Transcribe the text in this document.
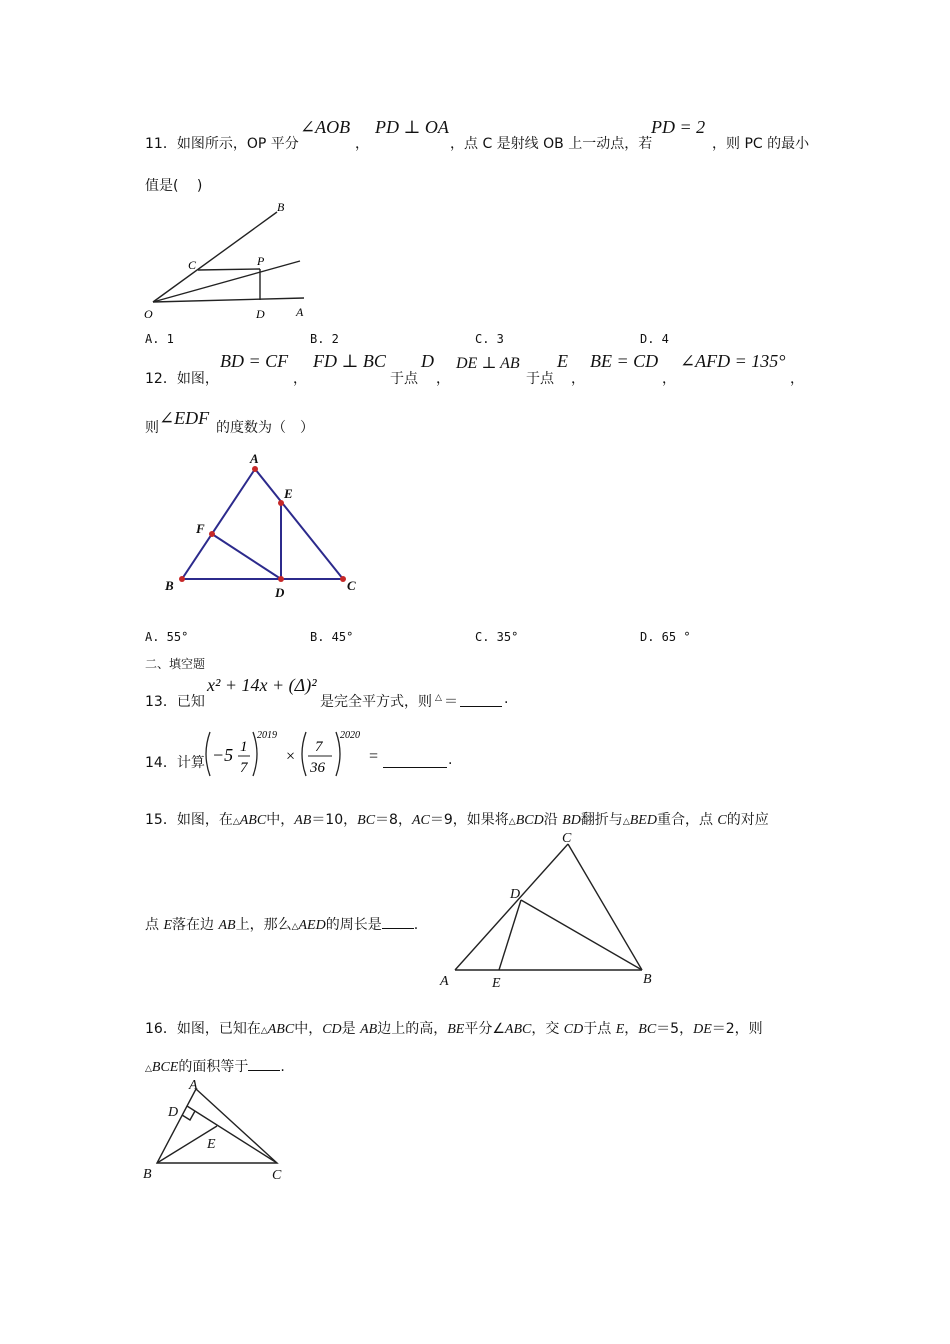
11．如图所示，OP 平分
∠AOB
，
PD ⊥ OA
，点 C 是射线 OB 上一动点，若
PD = 2
，则 PC 的最小
值是(　 )
B
C	P
O	D	A
A. 1	B. 2	C. 3	D. 4
12．如图，
BD = CF
，
FD ⊥ BC
于点
D
，
DE ⊥ AB
于点
E
，
BE = CD
，
∠AFD = 135°
，
则 ∠EDF 的度数为（　）
A
E
F
B	D	C
A. 55°	B. 45°	C. 35°	D. 65 °
二、填空题
13．已知
x² + 14x + (Δ)²
是完全平方式，则 △ ＝	.
14．计算 −5 1
7
2019
×
7
36
2020
=	.
15．如图，在△ABC中，AB＝10，BC＝8，AC＝9，如果将△BCD沿 BD翻折与△BED重合，点 C的对应
点 E落在边 AB上，那么△AED的周长是 .
C
D
A	E	B
16．如图，已知在△ABC中，CD是 AB边上的高，BE平分∠ABC，交 CD于点 E，BC＝5，DE＝2，则
△BCE的面积等于 .
A
D
E
B	C
